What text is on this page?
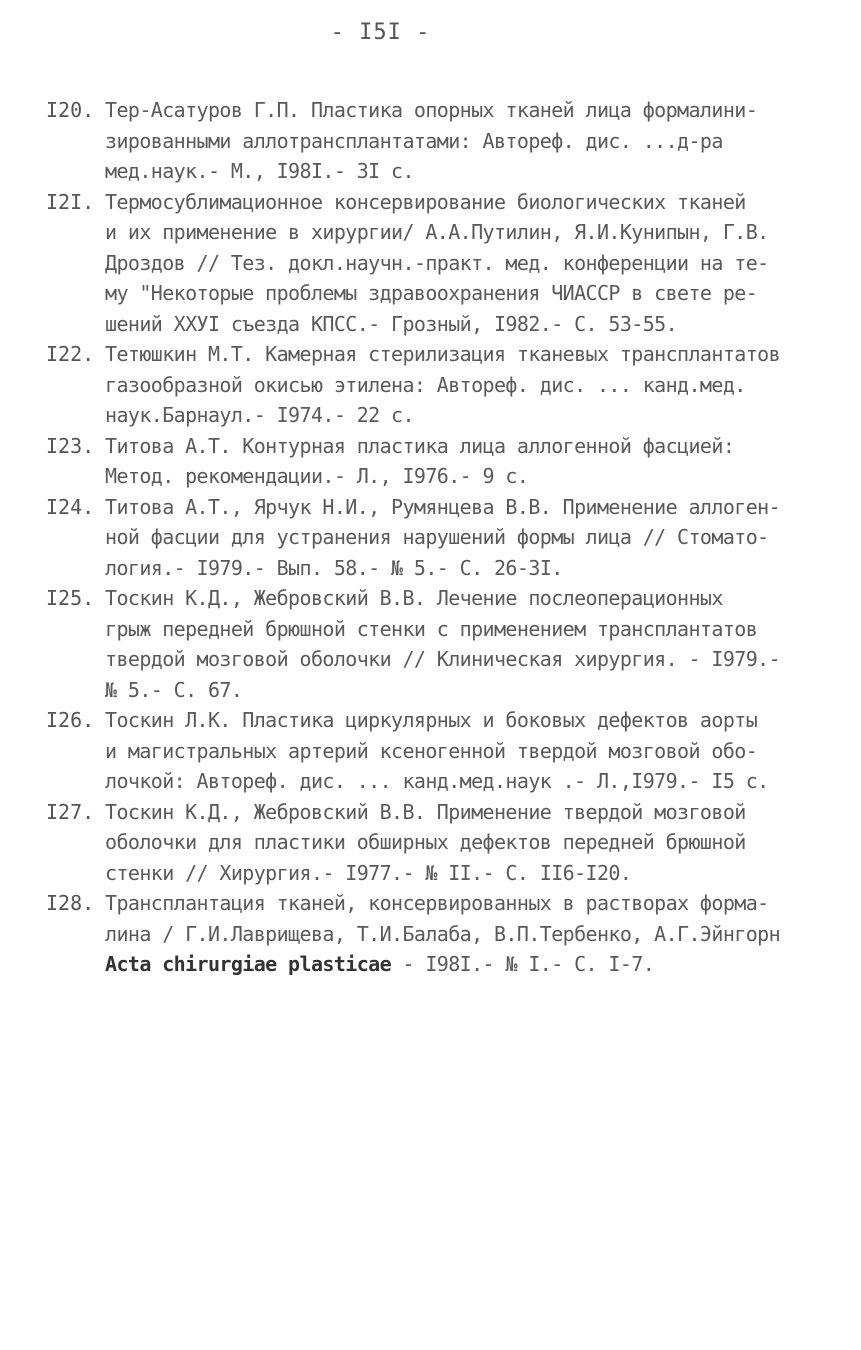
- I5I -
I20. Тер-Асатуров Г.П. Пластика опорных тканей лица формалини-
зированными аллотрансплантатами: Автореф. дис. ...д-ра
мед.наук.- М., I98I.- 3I с.
I2I. Термосублимационное консервирование биологических тканей
и их применение в хирургии/ А.А.Путилин, Я.И.Кунипын, Г.В.
Дроздов // Тез. докл.научн.-практ. мед. конференции на те-
му "Некоторые проблемы здравоохранения ЧИАССР в свете ре-
шений ХХУI съезда КПСС.- Грозный, I982.- С. 53-55.
I22. Тетюшкин М.Т. Камерная стерилизация тканевых трансплантатов
газообразной окисью этилена: Автореф. дис. ... канд.мед.
наук.Барнаул.- I974.- 22 с.
I23. Титова А.Т. Контурная пластика лица аллогенной фасцией:
Метод. рекомендации.- Л., I976.- 9 с.
I24. Титова А.Т., Ярчук Н.И., Румянцева В.В. Применение аллоген-
ной фасции для устранения нарушений формы лица // Стомато-
логия.- I979.- Вып. 58.- № 5.- С. 26-3I.
I25. Тоскин К.Д., Жебровский В.В. Лечение послеоперационных
грыж передней брюшной стенки с применением трансплантатов
твердой мозговой оболочки // Клиническая хирургия. - I979.-
№ 5.- С. 67.
I26. Тоскин Л.К. Пластика циркулярных и боковых дефектов аорты
и магистральных артерий ксеногенной твердой мозговой обо-
лочкой: Автореф. дис. ... канд.мед.наук .- Л.,I979.- I5 с.
I27. Тоскин К.Д., Жебровский В.В. Применение твердой мозговой
оболочки для пластики обширных дефектов передней брюшной
стенки // Хирургия.- I977.- № II.- С. II6-I20.
I28. Трансплантация тканей, консервированных в растворах форма-
лина / Г.И.Лаврищева, Т.И.Балаба, В.П.Тербенко, А.Г.Эйнгорн
Acta chirurgiae plasticae - I98I.- № I.- С. I-7.
